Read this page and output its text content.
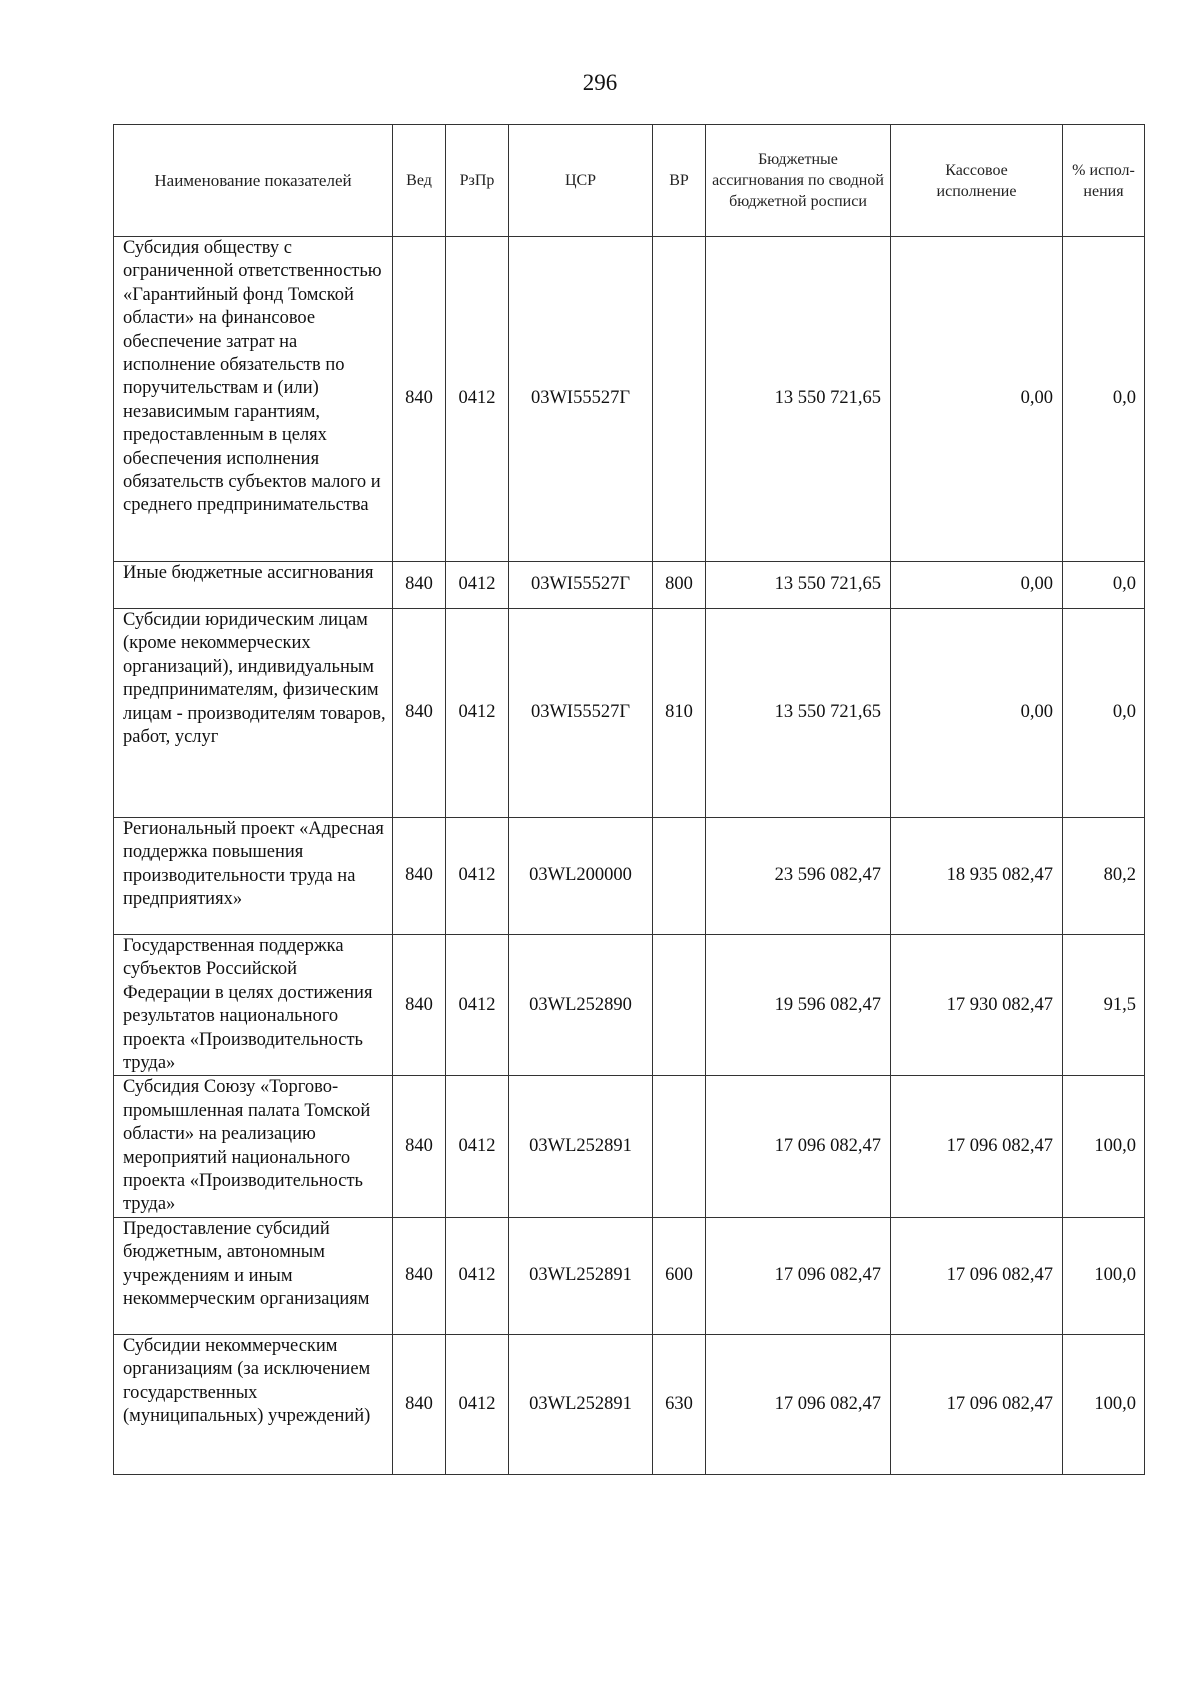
296
Наименование показателей	Вед	РзПр	ЦСР	ВР	Бюджетные ассигнования по сводной бюджетной росписи	Кассовое исполнение	% испол-нения
Субсидия обществу с ограниченной ответственностью «Гарантийный фонд Томской области» на финансовое обеспечение затрат на исполнение обязательств по поручительствам и (или) независимым гарантиям, предоставленным в целях обеспечения исполнения обязательств субъектов малого и среднего предпринимательства	840	0412	03WI55527Г		13 550 721,65	0,00	0,0
Иные бюджетные ассигнования	840	0412	03WI55527Г	800	13 550 721,65	0,00	0,0
Субсидии юридическим лицам (кроме некоммерческих организаций), индивидуальным предпринимателям, физическим лицам - производителям товаров, работ, услуг	840	0412	03WI55527Г	810	13 550 721,65	0,00	0,0
Региональный проект «Адресная поддержка повышения производительности труда на предприятиях»	840	0412	03WL200000		23 596 082,47	18 935 082,47	80,2
Государственная поддержка субъектов Российской Федерации в целях достижения результатов национального проекта «Производительность труда»	840	0412	03WL252890		19 596 082,47	17 930 082,47	91,5
Субсидия Союзу «Торгово-промышленная палата Томской области» на реализацию мероприятий национального проекта «Производительность труда»	840	0412	03WL252891		17 096 082,47	17 096 082,47	100,0
Предоставление субсидий бюджетным, автономным учреждениям и иным некоммерческим организациям	840	0412	03WL252891	600	17 096 082,47	17 096 082,47	100,0
Субсидии некоммерческим организациям (за исключением государственных (муниципальных) учреждений)	840	0412	03WL252891	630	17 096 082,47	17 096 082,47	100,0
